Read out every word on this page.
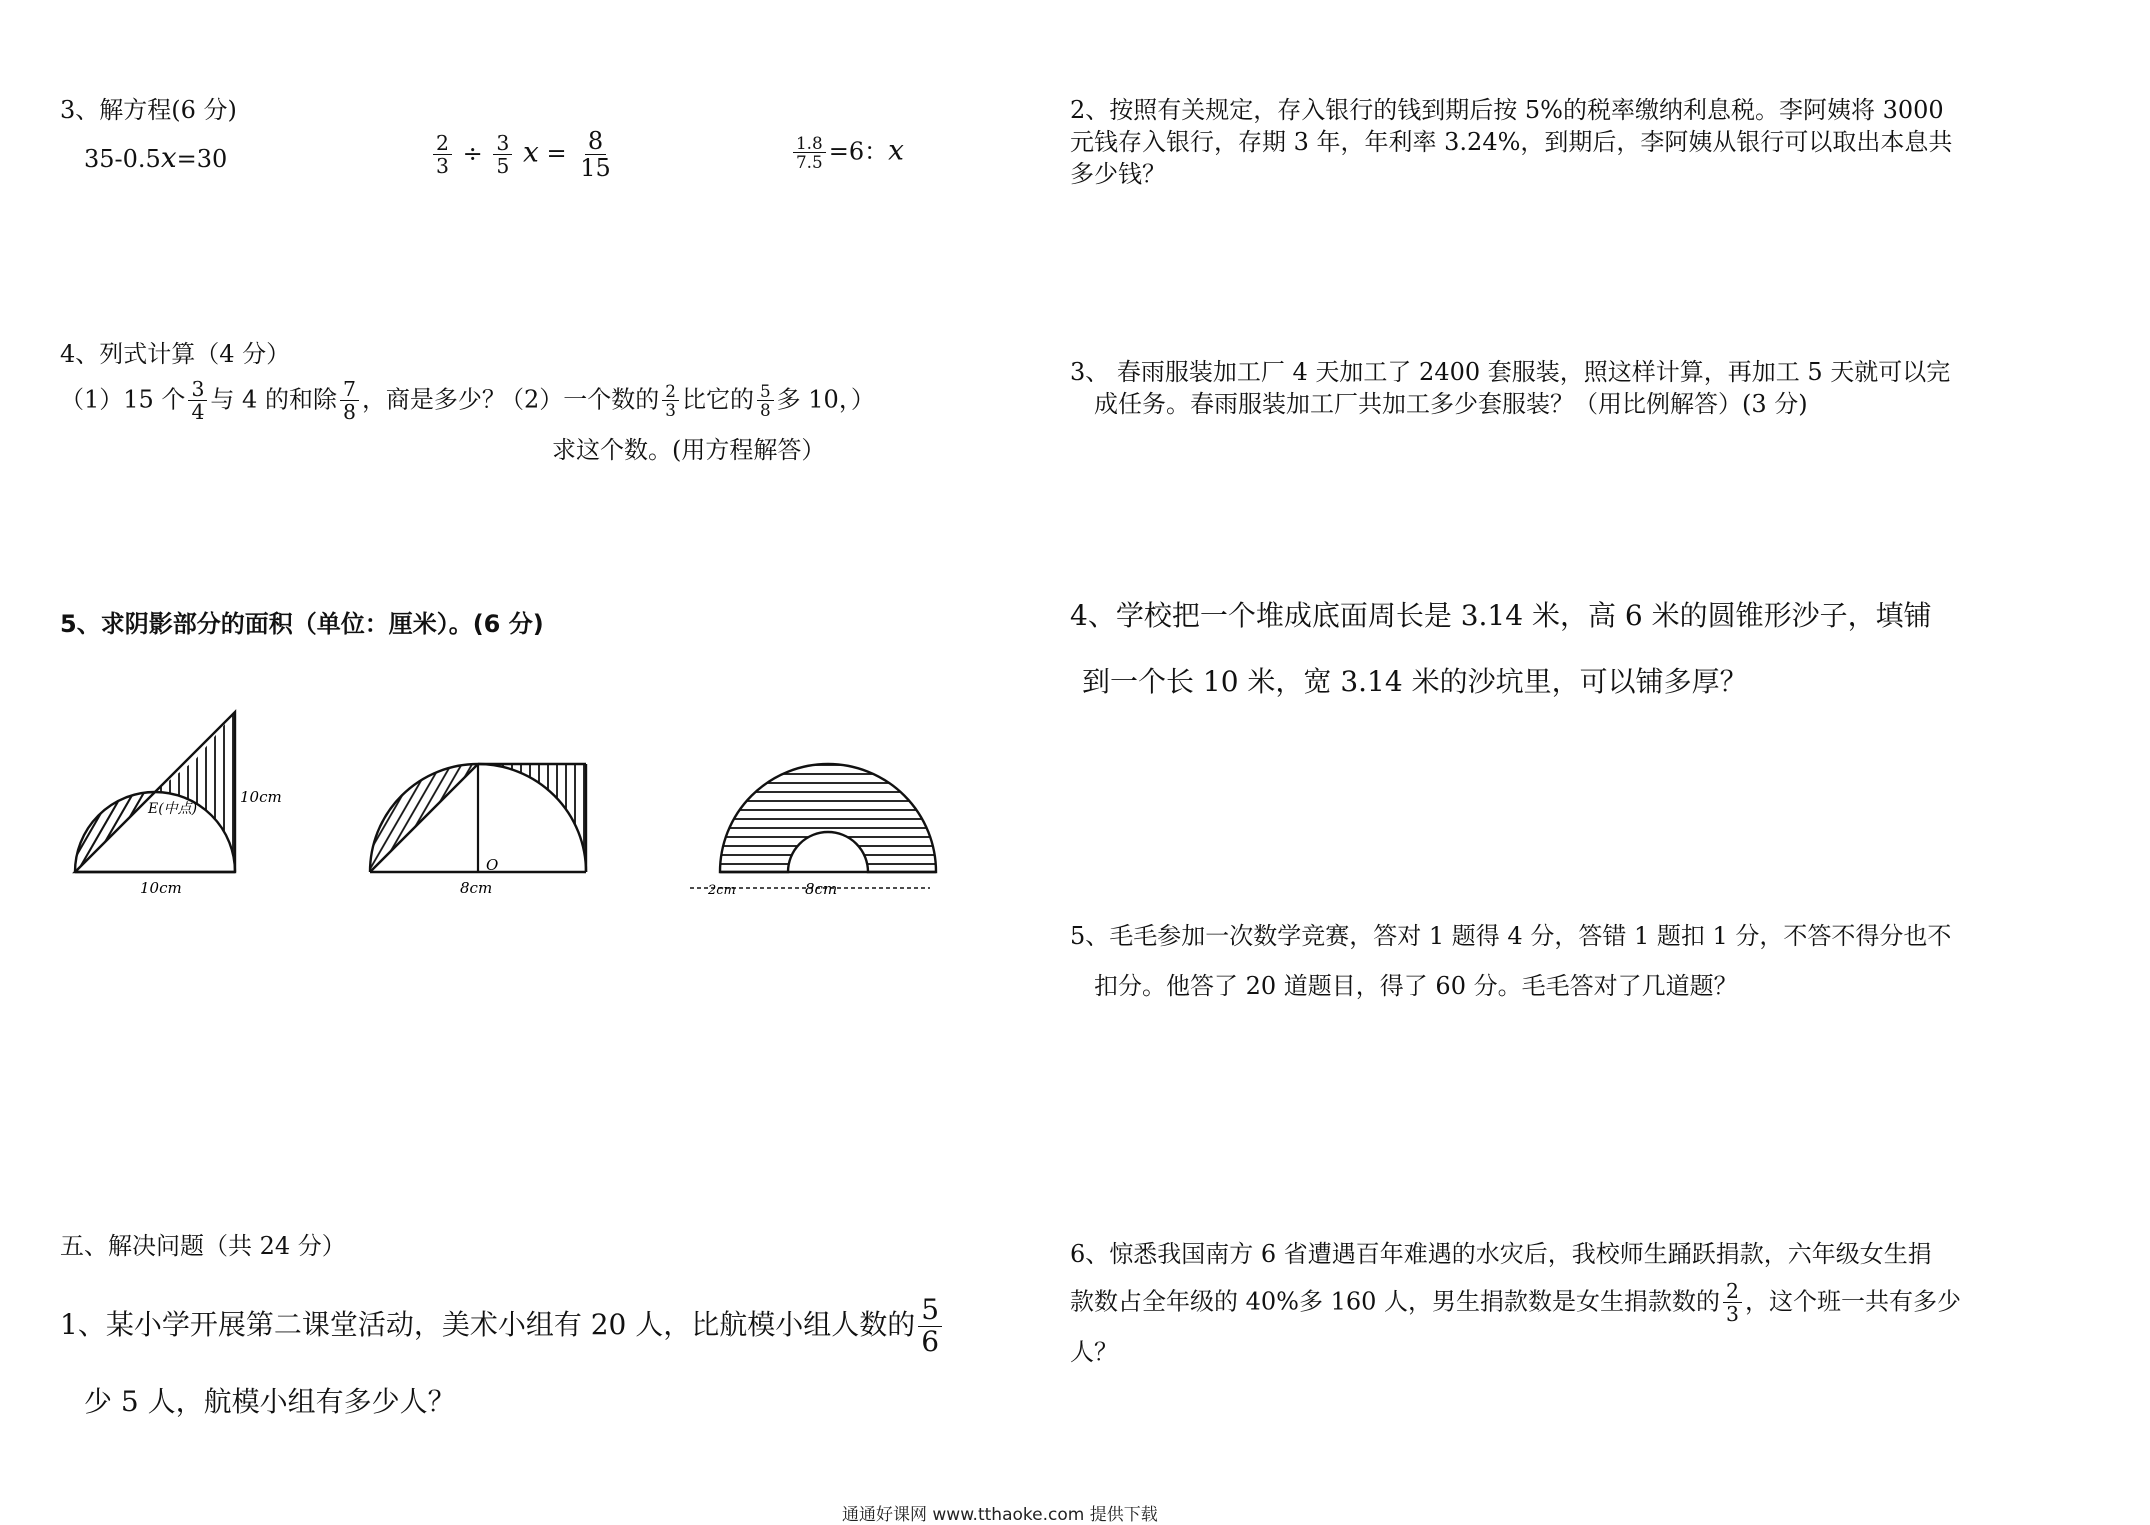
3、解方程(6 分)
35-0.5x=30	$\frac{2}{3} \div \frac{3}{5}$ $x = \frac{8}{15}$	$\frac{1.8}{7.5} =6$：x
4、列式计算（4 分）
（1）15 个 $\frac{3}{4}$ 与 4 的和除 $\frac{7}{8}$ ，商是多少？
（2）一个数的 $\frac{2}{3}$ 比它的 $\frac{5}{8}$ 多 10，）
求这个数。(用方程解答）
5、求阴影部分的面积（单位：厘米）。(6 分)
10cm
10cm
E(中点)
8cm
O
2cm	8cm
五、解决问题（共 24 分）
1、某小学开展第二课堂活动，美术小组有 20 人，比航模小组人数的 $\frac{5}{6}$
少 5 人，航模小组有多少人？
2、按照有关规定，存入银行的钱到期后按 5%的税率缴纳利息税。李阿姨将 3000
元钱存入银行，存期 3 年，年利率 3.24%，到期后，李阿姨从银行可以取出本息共
多少钱？
3、 春雨服装加工厂 4 天加工了 2400 套服装，照这样计算，再加工 5 天就可以完
成任务。春雨服装加工厂共加工多少套服装？（用比例解答）(3 分)
4、学校把一个堆成底面周长是 3.14 米，高 6 米的圆锥形沙子，填铺
到一个长 10 米，宽 3.14 米的沙坑里，可以铺多厚？
5、毛毛参加一次数学竞赛，答对 1 题得 4 分，答错 1 题扣 1 分，不答不得分也不
扣分。他答了 20 道题目，得了 60 分。毛毛答对了几道题？
6、惊悉我国南方 6 省遭遇百年难遇的水灾后，我校师生踊跃捐款，六年级女生捐
款数占全年级的 40%多 160 人，男生捐款数是女生捐款数的 $\frac{2}{3}$ ，这个班一共有多少
人？
通通好课网 www.tthaoke.com 提供下载
